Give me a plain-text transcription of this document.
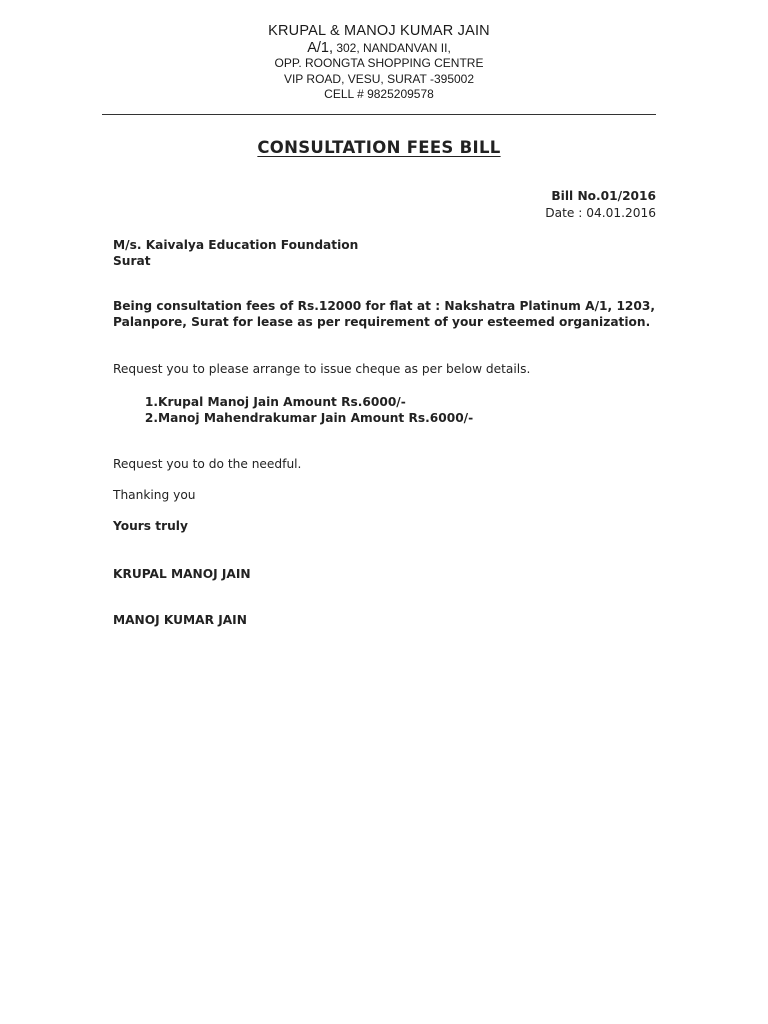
KRUPAL & MANOJ KUMAR JAIN
A/1, 302, NANDANVAN II,
OPP. ROONGTA SHOPPING CENTRE
VIP ROAD, VESU, SURAT -395002
CELL # 9825209578
CONSULTATION FEES BILL
Bill No.01/2016
Date : 04.01.2016
M/s. Kaivalya Education Foundation
Surat
Being consultation fees of Rs.12000 for flat at : Nakshatra Platinum A/1, 1203, Palanpore, Surat for lease as per requirement of your esteemed organization.
Request you to please arrange to issue cheque as per below details.
1. Krupal Manoj Jain Amount Rs.6000/-
2. Manoj Mahendrakumar Jain Amount Rs.6000/-
Request you to do the needful.
Thanking you
Yours truly
KRUPAL MANOJ JAIN
MANOJ KUMAR JAIN
